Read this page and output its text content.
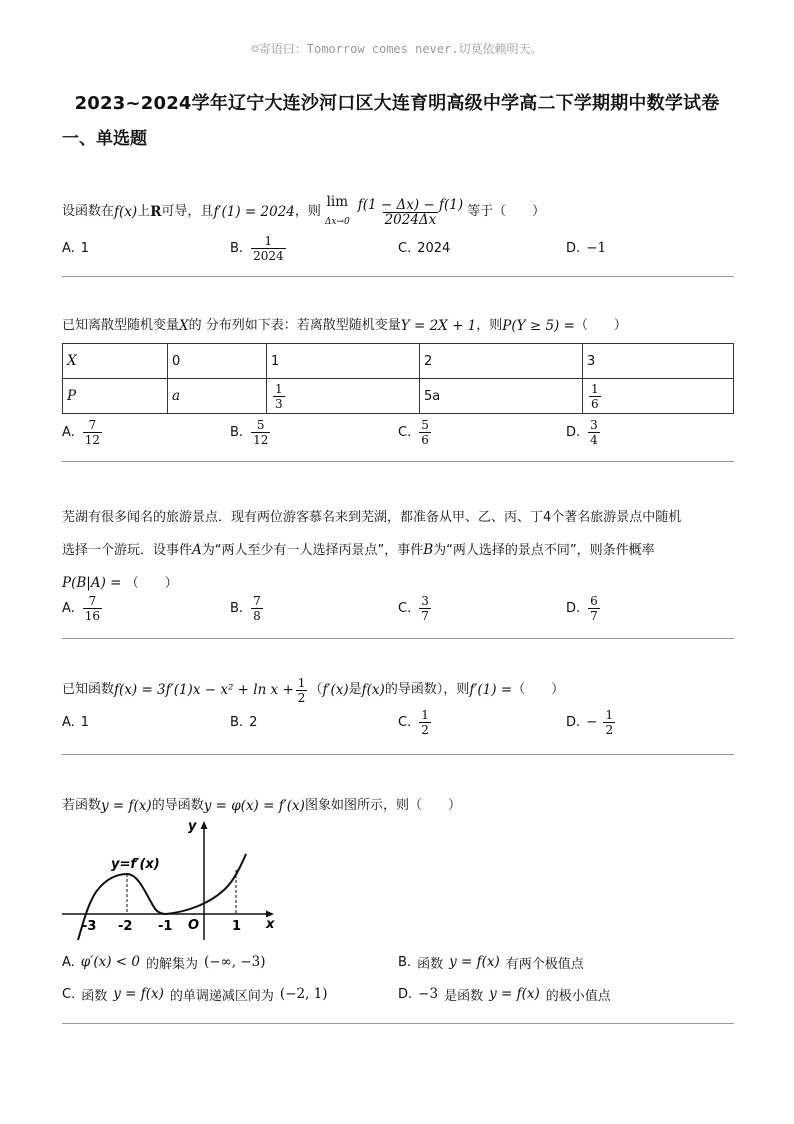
☺寄语曰：Tomorrow comes never.切莫依赖明天。
2023~2024学年辽宁大连沙河口区大连育明高级中学高二下学期期中数学试卷
一、单选题
设函数在 f(x) 上 R 可导，且 f′(1) = 2024 ，则
lim
$\Delta x\to 0 \frac{f(1 - \Delta x) - f(1)}{2024\Delta x}$ 等于（　　）
A. 1	B. $\frac{1}{2024}$	C. 2024	D. −1
已知离散型随机变量 X 的 分布列如下表：若离散型随机变量 Y = 2X + 1 ，则 P(Y ≥ 5) = （　　）
X	0	1	2	3
P	a	$\frac{1}{3}$	5a	$\frac{1}{6}$
A. $\frac{7}{12}$	B. $\frac{5}{12}$	C. $\frac{5}{6}$	D. $\frac{3}{4}$
芜湖有很多闻名的旅游景点．现有两位游客慕名来到芜湖，都准备从甲、乙、丙、丁4个著名旅游景点中随机
选择一个游玩．设事件A为“两人至少有一人选择丙景点”，事件B为“两人选择的景点不同”，则条件概率
P(B|A) = （　　）
A. $\frac{7}{16}$	B. $\frac{7}{8}$	C. $\frac{3}{7}$	D. $\frac{6}{7}$
已知函数 $f(x) = 3f'(1)x - x^2 + \ln x + \frac{1}{2}$ （ f′(x) 是 f(x) 的导函数），则 f′(1) = （　　）
A. 1	B. 2	C. $\frac{1}{2}$	D. − $\frac{1}{2}$
若函数 y = f(x) 的导函数 y = φ(x) = f′(x) 图象如图所示，则（　　）
y=f′(x)
y
x
O
-3 -2 -1	1
A. φ′(x) < 0 的解集为 (−∞, −3)	B. 函数 y = f(x) 有两个极值点
C. 函数 y = f(x) 的单调递减区间为 (−2, 1)	D. −3 是函数 y = f(x) 的极小值点
